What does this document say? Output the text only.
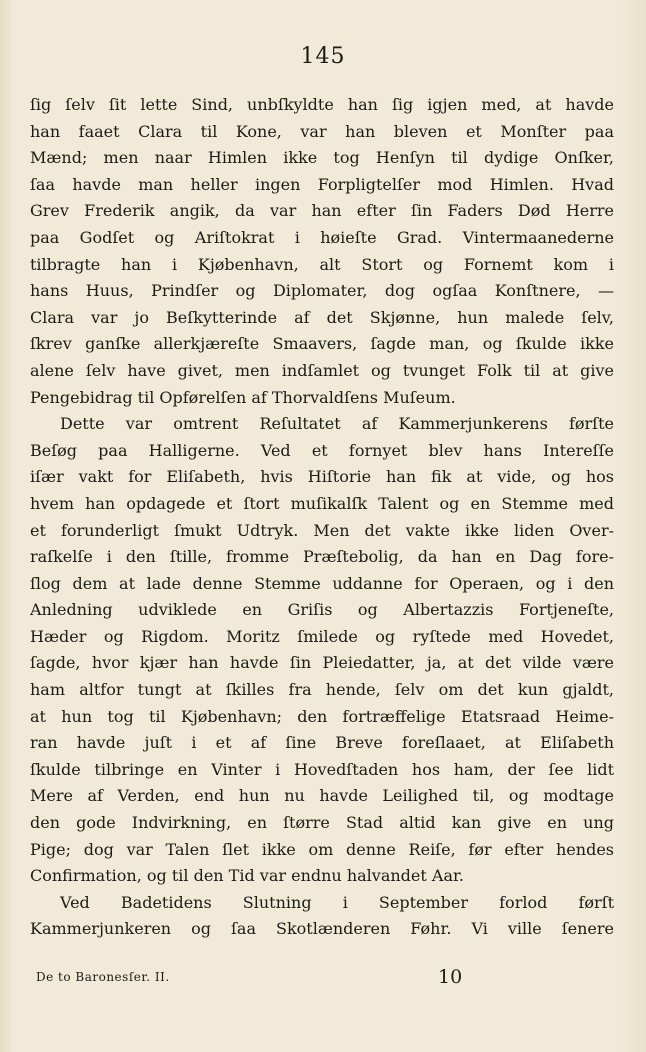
145
ſig ſelv ſit lette Sind, unbſkyldte han ſig igjen med, at havde
han faaet Clara til Kone, var han bleven et Monſter paa
Mænd; men naar Himlen ikke tog Henſyn til dydige Onſker,
ſaa havde man heller ingen Forpligtelſer mod Himlen. Hvad
Grev Frederik angik, da var han efter ſin Faders Død Herre
paa Godſet og Ariſtokrat i høieſte Grad. Vintermaanederne
tilbragte han i Kjøbenhavn, alt Stort og Fornemt kom i
hans Huus, Prindſer og Diplomater, dog ogſaa Konſtnere, —
Clara var jo Beſkytterinde af det Skjønne, hun malede ſelv,
ſkrev ganſke allerkjæreſte Smaavers, ſagde man, og ſkulde ikke
alene ſelv have givet, men indſamlet og tvunget Folk til at give
Pengebidrag til Opførelſen af Thorvaldſens Muſeum.
Dette var omtrent Reſultatet af Kammerjunkerens førſte
Beſøg paa Halligerne. Ved et fornyet blev hans Intereſſe
iſær vakt for Eliſabeth, hvis Hiſtorie han fik at vide, og hos
hvem han opdagede et ſtort muſikalſk Talent og en Stemme med
et forunderligt ſmukt Udtryk. Men det vakte ikke liden Over-
raſkelſe i den ſtille, fromme Præſtebolig, da han en Dag fore-
ſlog dem at lade denne Stemme uddanne for Operaen, og i den
Anledning udviklede en Griſis og Albertazzis Fortjeneſte,
Hæder og Rigdom. Moritz ſmilede og ryſtede med Hovedet,
ſagde, hvor kjær han havde ſin Pleiedatter, ja, at det vilde være
ham altfor tungt at ſkilles fra hende, ſelv om det kun gjaldt,
at hun tog til Kjøbenhavn; den fortræffelige Etatsraad Heime-
ran havde juſt i et af ſine Breve foreſlaaet, at Eliſabeth
ſkulde tilbringe en Vinter i Hovedſtaden hos ham, der ſee lidt
Mere af Verden, end hun nu havde Leilighed til, og modtage
den gode Indvirkning, en ſtørre Stad altid kan give en ung
Pige; dog var Talen ſlet ikke om denne Reiſe, før efter hendes
Confirmation, og til den Tid var endnu halvandet Aar.
Ved Badetidens Slutning i September forlod førſt
Kammerjunkeren og ſaa Skotlænderen Føhr. Vi ville ſenere
De to Baronesſer. II.	10
